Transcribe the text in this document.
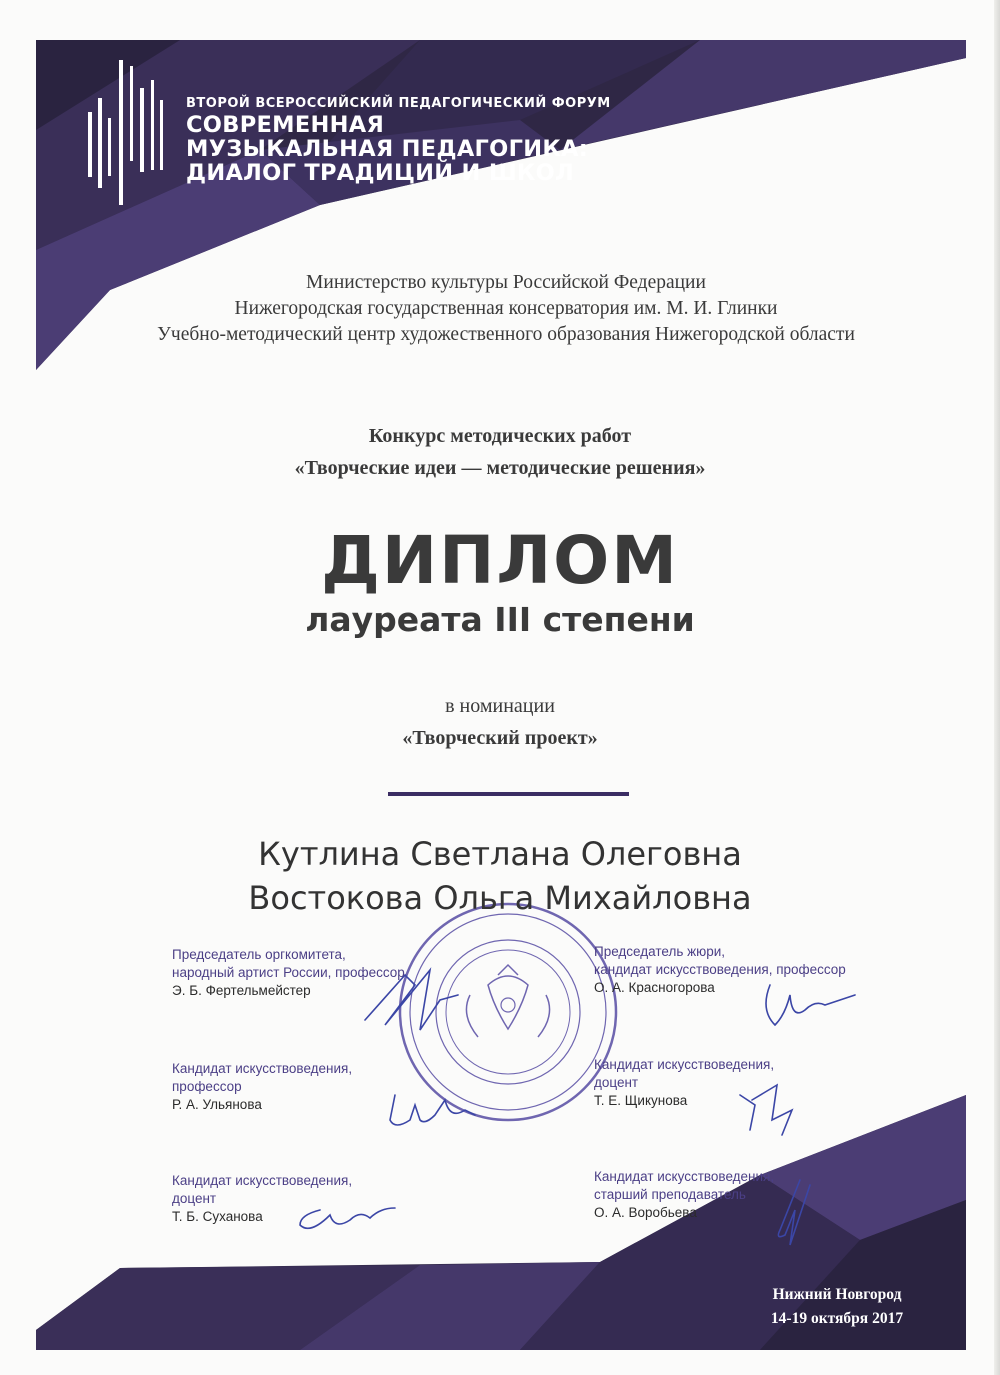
ВТОРОЙ ВСЕРОССИЙСКИЙ ПЕДАГОГИЧЕСКИЙ ФОРУМ
СОВРЕМЕННАЯ
МУЗЫКАЛЬНАЯ ПЕДАГОГИКА:
ДИАЛОГ ТРАДИЦИЙ И ШКОЛ
Министерство культуры Российской Федерации
Нижегородская государственная консерватория им. М. И. Глинки
Учебно-методический центр художественного образования Нижегородской области
Конкурс методических работ
«Творческие идеи — методические решения»
ДИПЛОМ
лауреата III степени
в номинации
«Творческий проект»
Кутлина Светлана Олеговна
Востокова Ольга Михайловна
Председатель оргкомитета,
народный артист России, профессор
Э. Б. Фертельмейстер
Председатель жюри,
кандидат искусствоведения, профессор
О. А. Красногорова
Кандидат искусствоведения,
профессор
Р. А. Ульянова
Кандидат искусствоведения,
доцент
Т. Е. Щикунова
Кандидат искусствоведения,
доцент
Т. Б. Суханова
Кандидат искусствоведения,
старший преподаватель
О. А. Воробьева
Нижний Новгород
14-19 октября 2017
